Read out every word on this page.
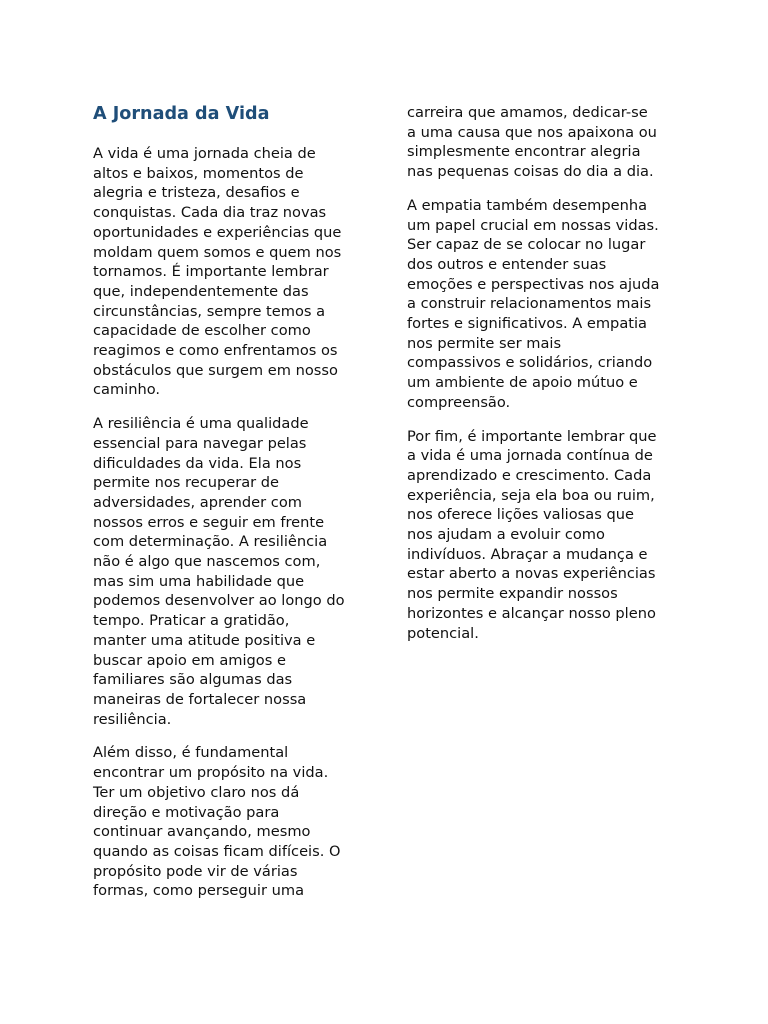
A Jornada da Vida

A vida é uma jornada cheia de
altos e baixos, momentos de
alegria e tristeza, desafios e
conquistas. Cada dia traz novas
oportunidades e experiências que
moldam quem somos e quem nos
tornamos. É importante lembrar
que, independentemente das
circunstâncias, sempre temos a
capacidade de escolher como
reagimos e como enfrentamos os
obstáculos que surgem em nosso
caminho.

A resiliência é uma qualidade
essencial para navegar pelas
dificuldades da vida. Ela nos
permite nos recuperar de
adversidades, aprender com
nossos erros e seguir em frente
com determinação. A resiliência
não é algo que nascemos com,
mas sim uma habilidade que
podemos desenvolver ao longo do
tempo. Praticar a gratidão,
manter uma atitude positiva e
buscar apoio em amigos e
familiares são algumas das
maneiras de fortalecer nossa
resiliência.

Além disso, é fundamental
encontrar um propósito na vida.
Ter um objetivo claro nos dá
direção e motivação para
continuar avançando, mesmo
quando as coisas ficam difíceis. O
propósito pode vir de várias
formas, como perseguir uma

carreira que amamos, dedicar-se
a uma causa que nos apaixona ou
simplesmente encontrar alegria
nas pequenas coisas do dia a dia.

A empatia também desempenha
um papel crucial em nossas vidas.
Ser capaz de se colocar no lugar
dos outros e entender suas
emoções e perspectivas nos ajuda
a construir relacionamentos mais
fortes e significativos. A empatia
nos permite ser mais
compassivos e solidários, criando
um ambiente de apoio mútuo e
compreensão.

Por fim, é importante lembrar que
a vida é uma jornada contínua de
aprendizado e crescimento. Cada
experiência, seja ela boa ou ruim,
nos oferece lições valiosas que
nos ajudam a evoluir como
indivíduos. Abraçar a mudança e
estar aberto a novas experiências
nos permite expandir nossos
horizontes e alcançar nosso pleno
potencial.
